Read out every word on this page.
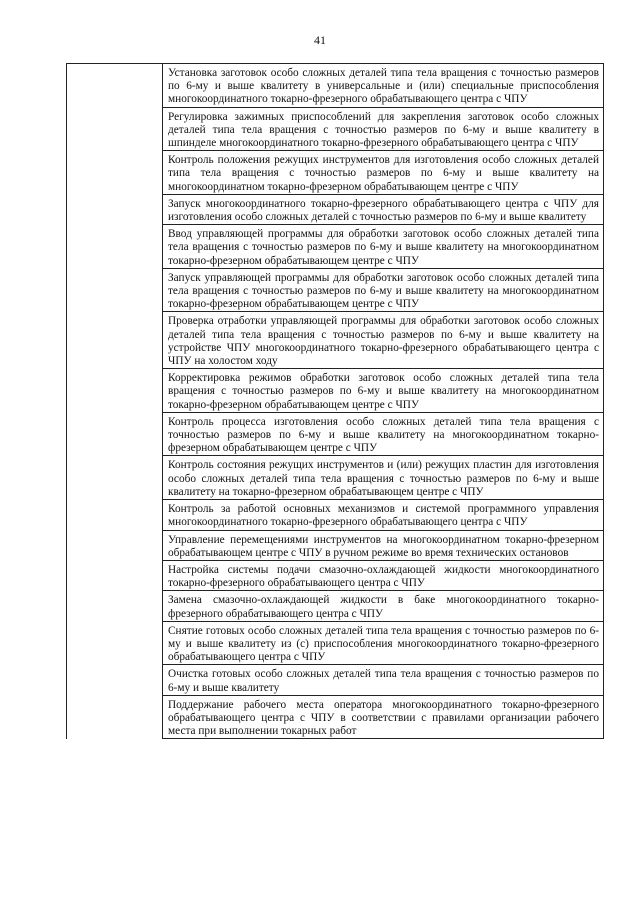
41

Установка заготовок особо сложных деталей типа тела вращения с точностью размеров по 6-му и выше квалитету в универсальные и (или) специальные приспособления многокоординатного токарно-фрезерного обрабатывающего центра с ЧПУ

Регулировка зажимных приспособлений для закрепления заготовок особо сложных деталей типа тела вращения с точностью размеров по 6-му и выше квалитету в шпинделе многокоординатного токарно-фрезерного обрабатывающего центра с ЧПУ

Контроль положения режущих инструментов для изготовления особо сложных деталей типа тела вращения с точностью размеров по 6-му и выше квалитету на многокоординатном токарно-фрезерном обрабатывающем центре с ЧПУ

Запуск многокоординатного токарно-фрезерного обрабатывающего центра с ЧПУ для изготовления особо сложных деталей с точностью размеров по 6-му и выше квалитету

Ввод управляющей программы для обработки заготовок особо сложных деталей типа тела вращения с точностью размеров по 6-му и выше квалитету на многокоординатном токарно-фрезерном обрабатывающем центре с ЧПУ

Запуск управляющей программы для обработки заготовок особо сложных деталей типа тела вращения с точностью размеров по 6-му и выше квалитету на многокоординатном токарно-фрезерном обрабатывающем центре с ЧПУ

Проверка отработки управляющей программы для обработки заготовок особо сложных деталей типа тела вращения с точностью размеров по 6-му и выше квалитету на устройстве ЧПУ многокоординатного токарно-фрезерного обрабатывающего центра с ЧПУ на холостом ходу

Корректировка режимов обработки заготовок особо сложных деталей типа тела вращения с точностью размеров по 6-му и выше квалитету на многокоординатном токарно-фрезерном обрабатывающем центре с ЧПУ

Контроль процесса изготовления особо сложных деталей типа тела вращения с точностью размеров по 6-му и выше квалитету на многокоординатном токарно-фрезерном обрабатывающем центре с ЧПУ

Контроль состояния режущих инструментов и (или) режущих пластин для изготовления особо сложных деталей типа тела вращения с точностью размеров по 6-му и выше квалитету на токарно-фрезерном обрабатывающем центре с ЧПУ

Контроль за работой основных механизмов и системой программного управления многокоординатного токарно-фрезерного обрабатывающего центра с ЧПУ

Управление перемещениями инструментов на многокоординатном токарно-фрезерном обрабатывающем центре с ЧПУ в ручном режиме во время технических остановов

Настройка системы подачи смазочно-охлаждающей жидкости многокоординатного токарно-фрезерного обрабатывающего центра с ЧПУ

Замена смазочно-охлаждающей жидкости в баке многокоординатного токарно-фрезерного обрабатывающего центра с ЧПУ

Снятие готовых особо сложных деталей типа тела вращения с точностью размеров по 6-му и выше квалитету из (с) приспособления многокоординатного токарно-фрезерного обрабатывающего центра с ЧПУ

Очистка готовых особо сложных деталей типа тела вращения с точностью размеров по 6-му и выше квалитету

Поддержание рабочего места оператора многокоординатного токарно-фрезерного обрабатывающего центра с ЧПУ в соответствии с правилами организации рабочего места при выполнении токарных работ
